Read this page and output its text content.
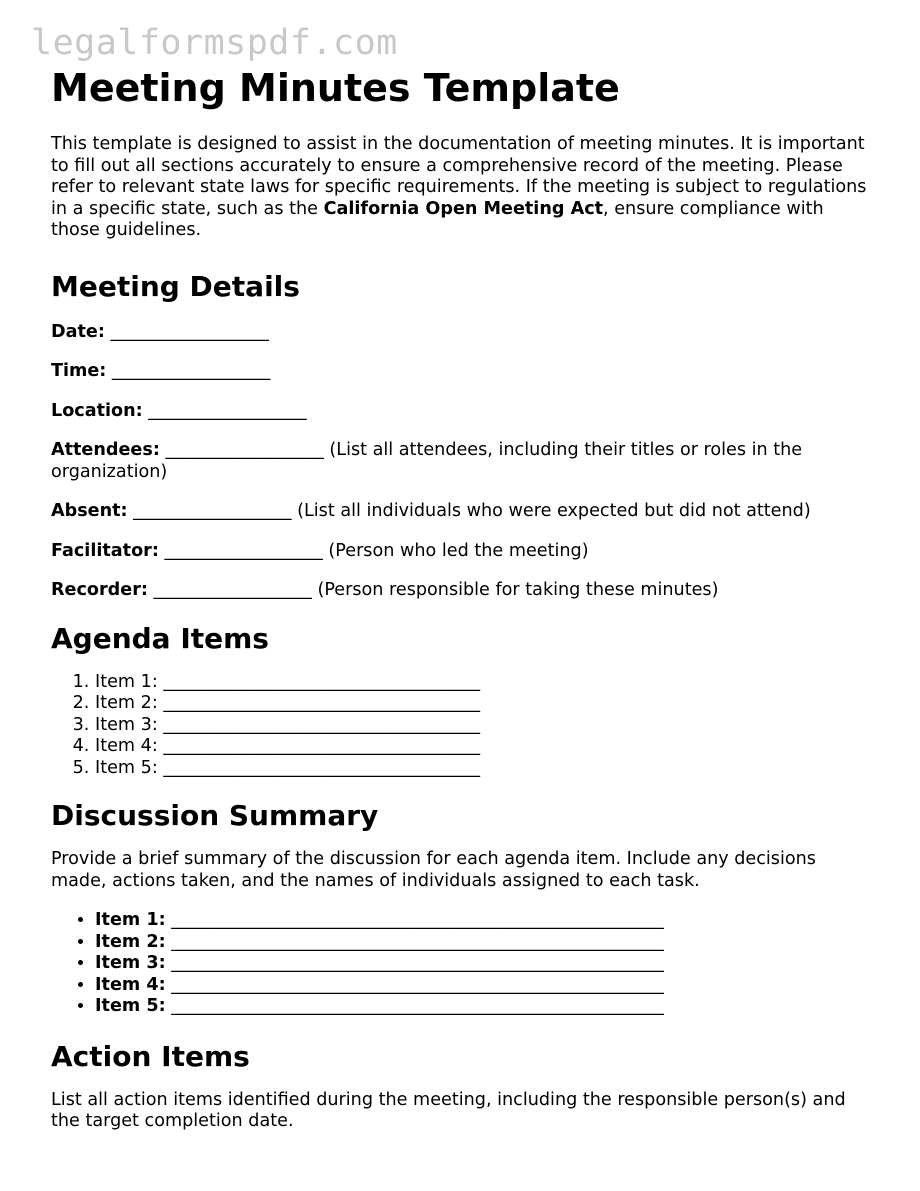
legalformspdf.com
Meeting Minutes Template

This template is designed to assist in the documentation of meeting minutes. It is important to fill out all sections accurately to ensure a comprehensive record of the meeting. Please refer to relevant state laws for specific requirements. If the meeting is subject to regulations in a specific state, such as the California Open Meeting Act, ensure compliance with those guidelines.

Meeting Details

Date: __________________

Time: __________________

Location: __________________

Attendees: __________________ (List all attendees, including their titles or roles in the organization)

Absent: __________________ (List all individuals who were expected but did not attend)

Facilitator: __________________ (Person who led the meeting)

Recorder: __________________ (Person responsible for taking these minutes)

Agenda Items
1. Item 1: ____________________________________
2. Item 2: ____________________________________
3. Item 3: ____________________________________
4. Item 4: ____________________________________
5. Item 5: ____________________________________
Discussion Summary

Provide a brief summary of the discussion for each agenda item. Include any decisions made, actions taken, and the names of individuals assigned to each task.

• Item 1: ________________________________________________________
• Item 2: ________________________________________________________
• Item 3: ________________________________________________________
• Item 4: ________________________________________________________
• Item 5: ________________________________________________________
Action Items

List all action items identified during the meeting, including the responsible person(s) and the target completion date.
